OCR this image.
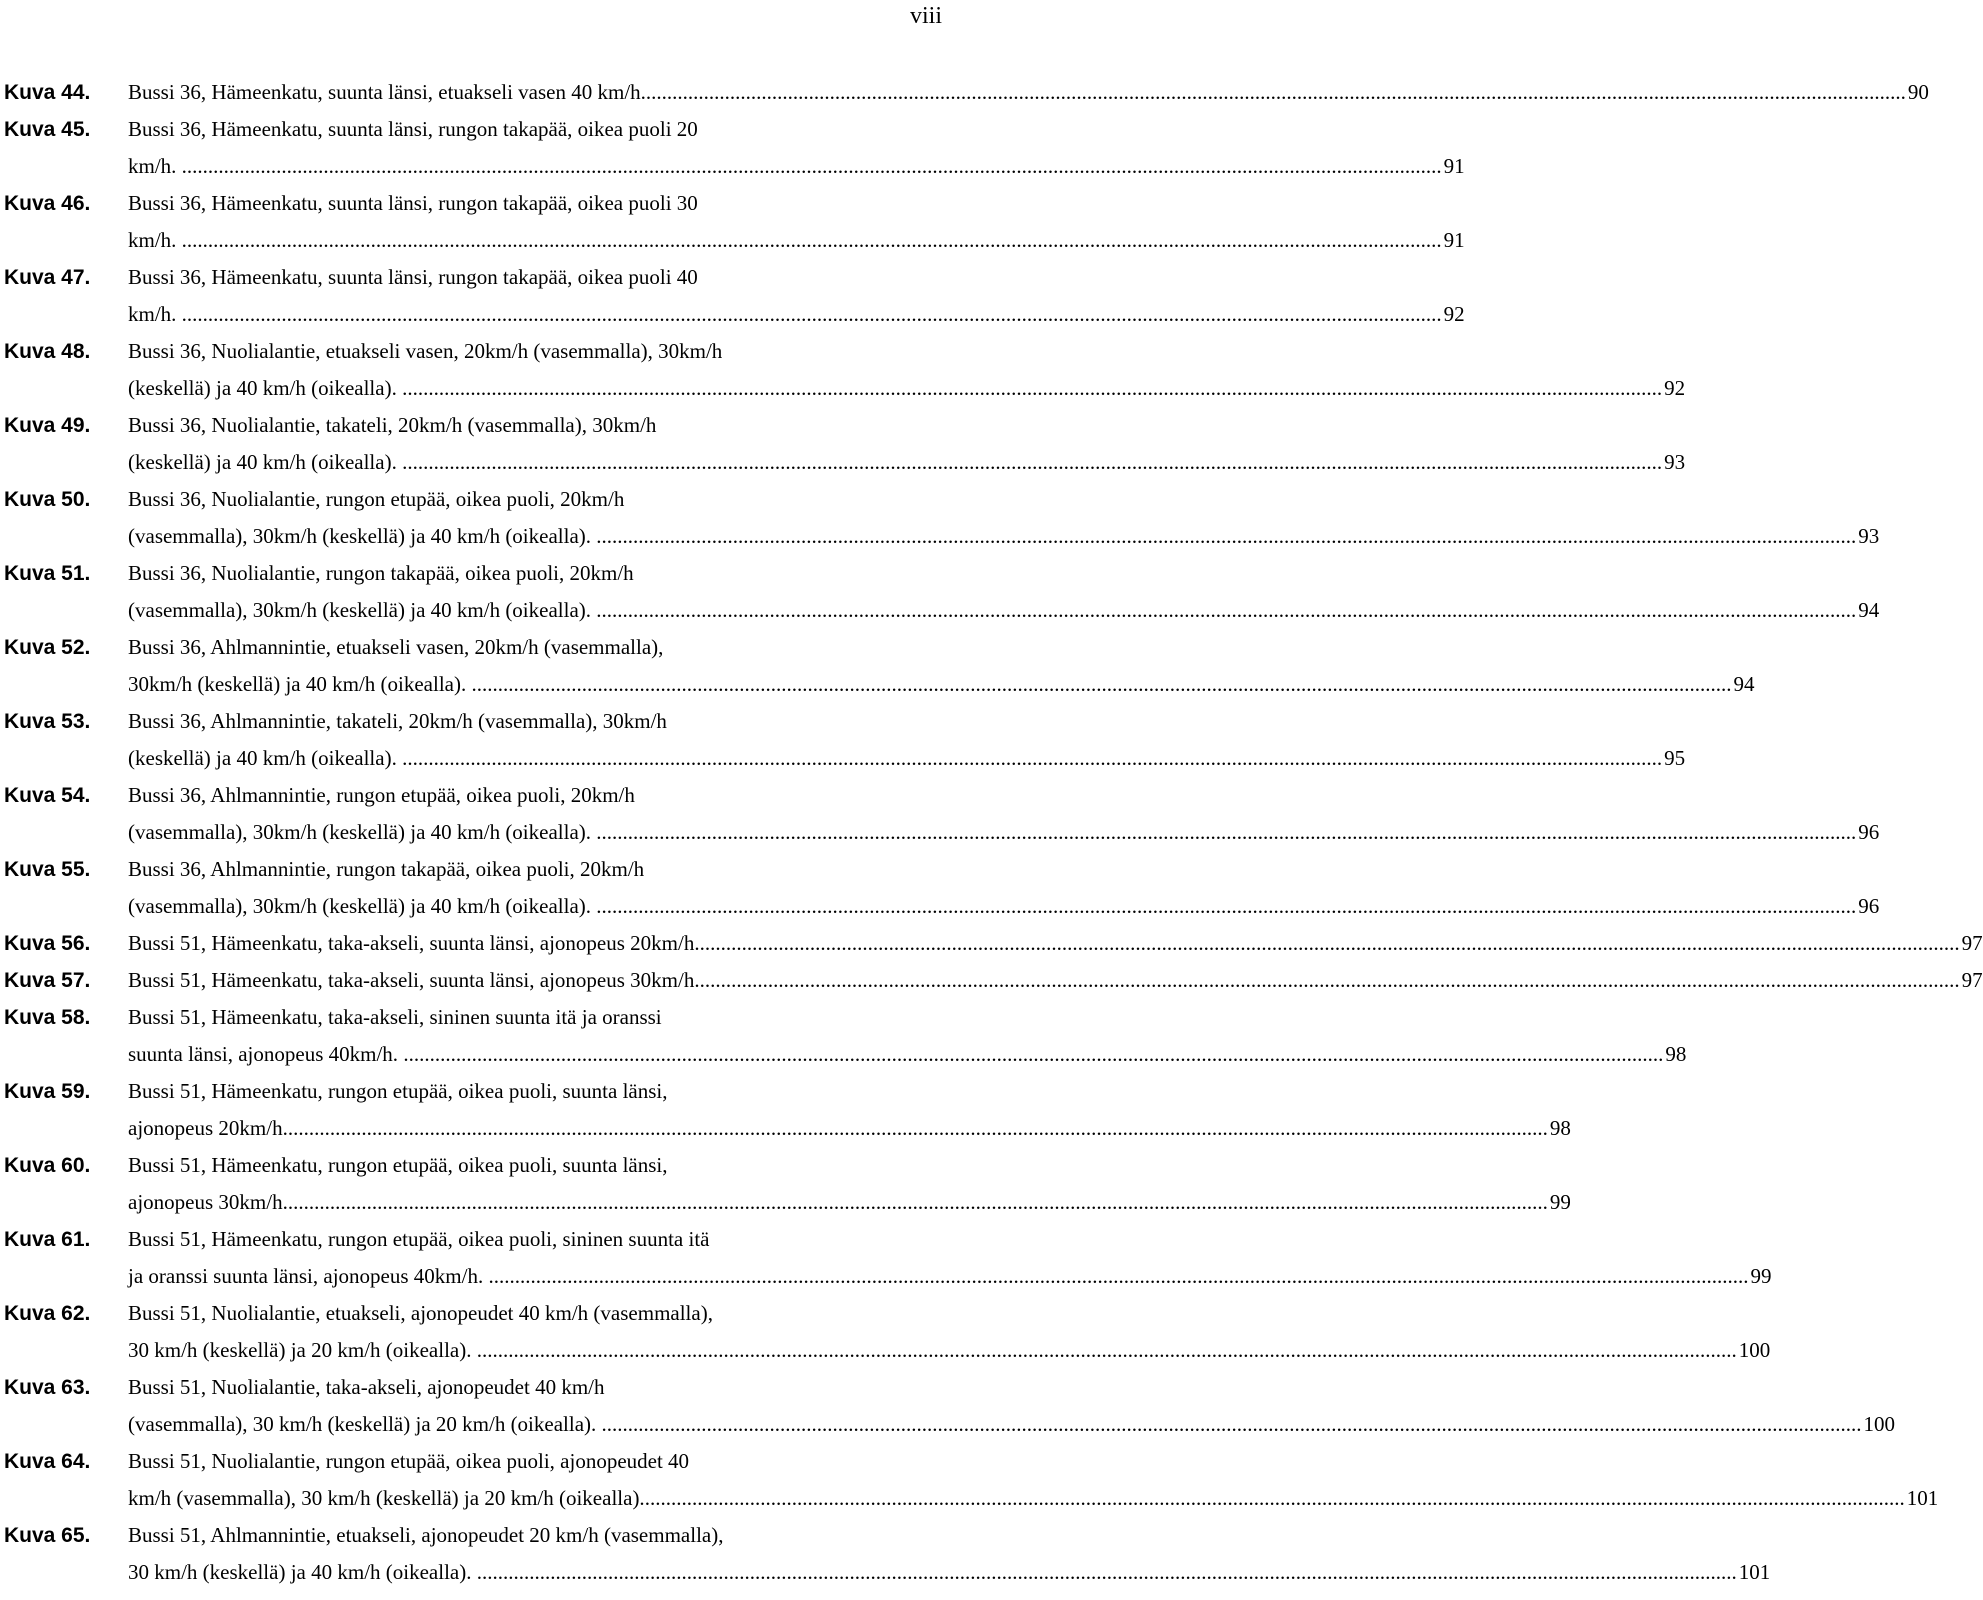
viii
Kuva 44.	Bussi 36, Hämeenkatu, suunta länsi, etuakseli vasen 40 km/h. .....	90
Kuva 45.	Bussi 36, Hämeenkatu, suunta länsi, rungon takapää, oikea puoli 20
km/h. .....	91
Kuva 46.	Bussi 36, Hämeenkatu, suunta länsi, rungon takapää, oikea puoli 30
km/h. .....	91
Kuva 47.	Bussi 36, Hämeenkatu, suunta länsi, rungon takapää, oikea puoli 40
km/h. .....	92
Kuva 48.	Bussi 36, Nuolialantie, etuakseli vasen, 20km/h (vasemmalla), 30km/h
(keskellä) ja 40 km/h (oikealla). .....	92
Kuva 49.	Bussi 36, Nuolialantie, takateli, 20km/h (vasemmalla), 30km/h
(keskellä) ja 40 km/h (oikealla). .....	93
Kuva 50.	Bussi 36, Nuolialantie, rungon etupää, oikea puoli, 20km/h
(vasemmalla), 30km/h (keskellä) ja 40 km/h (oikealla). .....	93
Kuva 51.	Bussi 36, Nuolialantie, rungon takapää, oikea puoli, 20km/h
(vasemmalla), 30km/h (keskellä) ja 40 km/h (oikealla). .....	94
Kuva 52.	Bussi 36, Ahlmannintie, etuakseli vasen, 20km/h (vasemmalla),
30km/h (keskellä) ja 40 km/h (oikealla). .....	94
Kuva 53.	Bussi 36, Ahlmannintie, takateli, 20km/h (vasemmalla), 30km/h
(keskellä) ja 40 km/h (oikealla). .....	95
Kuva 54.	Bussi 36, Ahlmannintie, rungon etupää, oikea puoli, 20km/h
(vasemmalla), 30km/h (keskellä) ja 40 km/h (oikealla). .....	96
Kuva 55.	Bussi 36, Ahlmannintie, rungon takapää, oikea puoli, 20km/h
(vasemmalla), 30km/h (keskellä) ja 40 km/h (oikealla). .....	96
Kuva 56.	Bussi 51, Hämeenkatu, taka-akseli, suunta länsi, ajonopeus 20km/h. .....	97
Kuva 57.	Bussi 51, Hämeenkatu, taka-akseli, suunta länsi, ajonopeus 30km/h. .....	97
Kuva 58.	Bussi 51, Hämeenkatu, taka-akseli, sininen suunta itä ja oranssi
suunta länsi, ajonopeus 40km/h. .....	98
Kuva 59.	Bussi 51, Hämeenkatu, rungon etupää, oikea puoli, suunta länsi,
ajonopeus 20km/h. .....	98
Kuva 60.	Bussi 51, Hämeenkatu, rungon etupää, oikea puoli, suunta länsi,
ajonopeus 30km/h. .....	99
Kuva 61.	Bussi 51, Hämeenkatu, rungon etupää, oikea puoli, sininen suunta itä
ja oranssi suunta länsi, ajonopeus 40km/h. .....	99
Kuva 62.	Bussi 51, Nuolialantie, etuakseli, ajonopeudet 40 km/h (vasemmalla),
30 km/h (keskellä) ja 20 km/h (oikealla). .....	100
Kuva 63.	Bussi 51, Nuolialantie, taka-akseli, ajonopeudet 40 km/h
(vasemmalla), 30 km/h (keskellä) ja 20 km/h (oikealla). .....	100
Kuva 64.	Bussi 51, Nuolialantie, rungon etupää, oikea puoli, ajonopeudet 40
km/h (vasemmalla), 30 km/h (keskellä) ja 20 km/h (oikealla). .....	101
Kuva 65.	Bussi 51, Ahlmannintie, etuakseli, ajonopeudet 20 km/h (vasemmalla),
30 km/h (keskellä) ja 40 km/h (oikealla). .....	101
